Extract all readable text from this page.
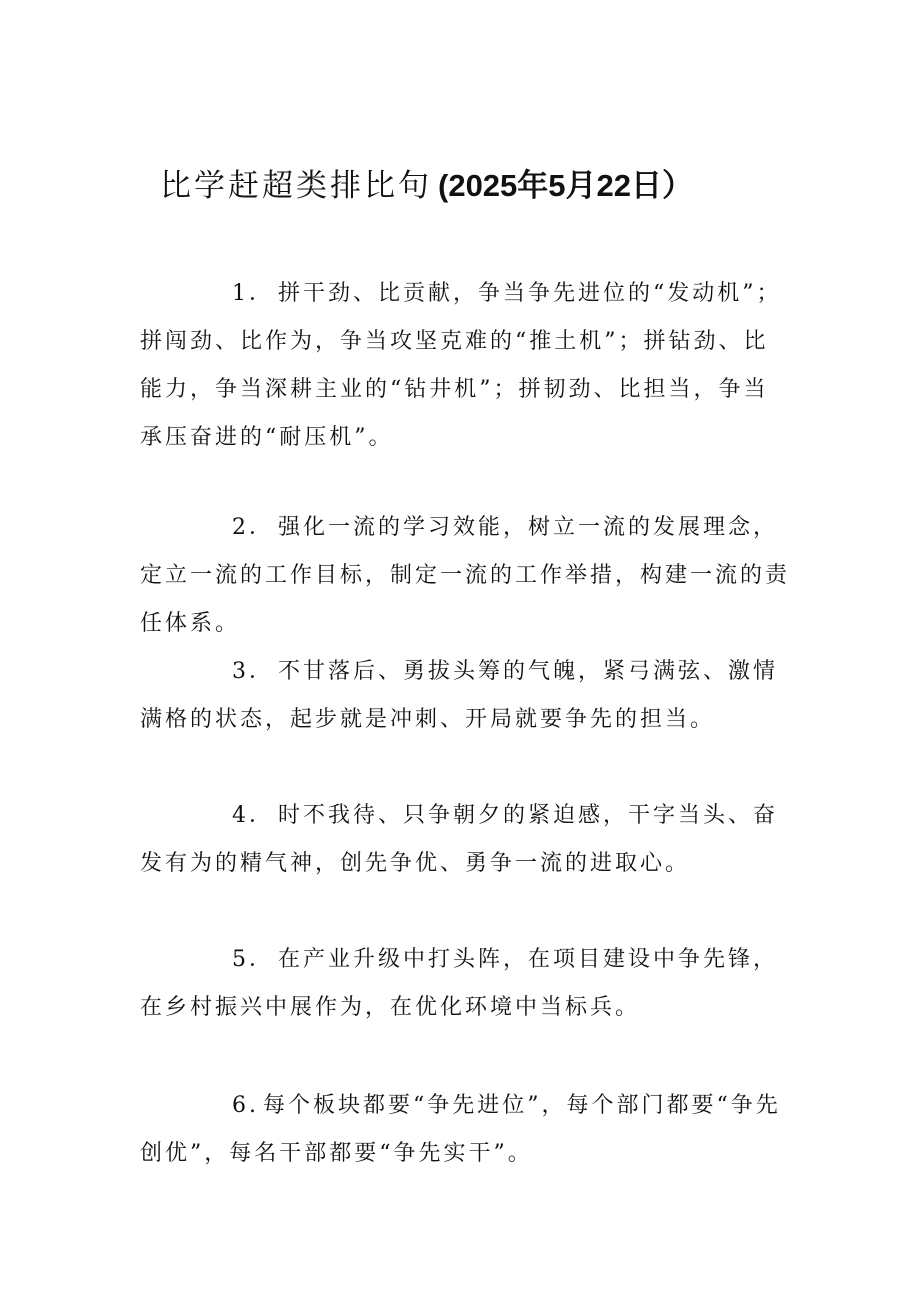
比学赶超类排比句 (2025年5月22日）

1． 拼干劲、比贡献，争当争先进位的“发动机”；拼闯劲、比作为，争当攻坚克难的“推土机”；拼钻劲、比能力，争当深耕主业的“钻井机”；拼韧劲、比担当，争当承压奋进的“耐压机”。

2． 强化一流的学习效能，树立一流的发展理念，定立一流的工作目标，制定一流的工作举措，构建一流的责任体系。

3． 不甘落后、勇拔头筹的气魄，紧弓满弦、激情满格的状态，起步就是冲刺、开局就要争先的担当。

4． 时不我待、只争朝夕的紧迫感，干字当头、奋发有为的精气神，创先争优、勇争一流的进取心。

5． 在产业升级中打头阵，在项目建设中争先锋，在乡村振兴中展作为，在优化环境中当标兵。

6. 每个板块都要“争先进位”，每个部门都要“争先创优”，每名干部都要“争先实干”。
